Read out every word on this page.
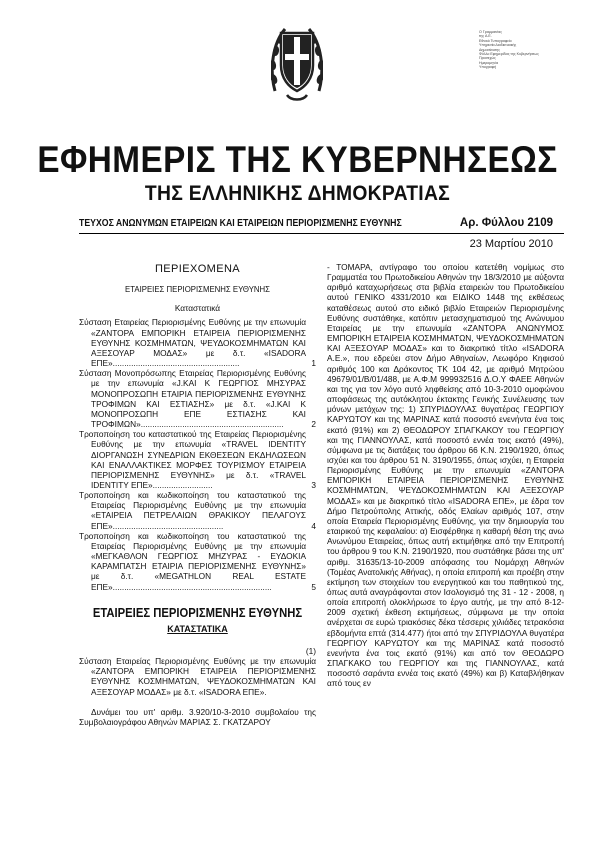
Ο Γραμματέας
της Α.Ε.
Εθνικό Τυπογραφείο
Υπηρεσία Διαδικτυακής
Δημοσίευσης
Φύλλο Εφημερίδας της Κυβερνήσεως
Προσεχώς
Ημερομηνία
Υπογραφή
ΕΦΗΜΕΡΙΣ ΤΗΣ ΚΥΒΕΡΝΗΣΕΩΣ
ΤΗΣ ΕΛΛΗΝΙΚΗΣ ΔΗΜΟΚΡΑΤΙΑΣ
ΤΕΥΧΟΣ ΑΝΩΝΥΜΩΝ ΕΤΑΙΡΕΙΩΝ ΚΑΙ ΕΤΑΙΡΕΙΩΝ ΠΕΡΙΟΡΙΣΜΕΝΗΣ ΕΥΘΥΝΗΣ	Αρ. Φύλλου 2109
23 Μαρτίου 2010
ΠΕΡΙΕΧΟΜΕΝΑ
ΕΤΑΙΡΕΙΕΣ ΠΕΡΙΟΡΙΣΜΕΝΗΣ ΕΥΘΥΝΗΣ
Καταστατικά

Σύσταση Εταιρείας Περιορισμένης Ευθύνης με την επωνυμία «ΖΑΝΤΟΡΑ ΕΜΠΟΡΙΚΗ ΕΤΑΙΡΕΙΑ ΠΕΡΙΟΡΙΣΜΕΝΗΣ ΕΥΘΥΝΗΣ ΚΟΣΜΗΜΑΤΩΝ, ΨΕΥΔΟΚΟΣΜΗΜΑΤΩΝ ΚΑΙ ΑΞΕΣΟΥΑΡ ΜΟΔΑΣ» με δ.τ. «ISADORA ΕΠΕ».......................................................	1

Σύσταση Μονοπρόσωπης Εταιρείας Περιορισμένης Ευθύνης με την επωνυμία «J.KAI K ΓΕΩΡΓΙΟΣ ΜΗΣΥΡΑΣ ΜΟΝΟΠΡΟΣΩΠΗ ΕΤΑΙΡΙΑ ΠΕΡΙΟΡΙΣΜΕΝΗΣ ΕΥΘΥΝΗΣ ΤΡΟΦΙΜΩΝ ΚΑΙ ΕΣΤΙΑΣΗΣ» με δ.τ. «J.KAI K ΜΟΝΟΠΡΟΣΩΠΗ ΕΠΕ ΕΣΤΙΑΣΗΣ ΚΑΙ ΤΡΟΦΙΜΩΝ»..............................................................	2

Τροποποίηση του καταστατικού της Εταιρείας Περιορισμένης Ευθύνης με την επωνυμία «TRAVEL IDENTITY ΔΙΟΡΓΑΝΩΣΗ ΣΥΝΕΔΡΙΩΝ ΕΚΘΕΣΕΩΝ ΕΚΔΗΛΩΣΕΩΝ ΚΑΙ ΕΝΑΛΛΑΚΤΙΚΕΣ ΜΟΡΦΕΣ ΤΟΥΡΙΣΜΟΥ ΕΤΑΙΡΕΙΑ ΠΕΡΙΟΡΙΣΜΕΝΗΣ ΕΥΘΥΝΗΣ» με δ.τ. «TRAVEL IDENTITY ΕΠΕ»..........................	3

Τροποποίηση και κωδικοποίηση του καταστατικού της Εταιρείας Περιορισμένης Ευθύνης με την επωνυμία «ΕΤΑΙΡΕΙΑ ΠΕΤΡΕΛΑΙΩΝ ΘΡΑΚΙΚΟΥ ΠΕΛΑΓΟΥΣ ΕΠΕ»................................................	4

Τροποποίηση και κωδικοποίηση του καταστατικού της Εταιρείας Περιορισμένης Ευθύνης με την επωνυμία «ΜΕΓΚΑΘΛΟΝ ΓΕΩΡΓΙΟΣ ΜΗΖΥΡΑΣ - ΕΥΔΟΚΙΑ ΚΑΡΑΜΠΑΤΣΗ ΕΤΑΙΡΙΑ ΠΕΡΙΟΡΙΣΜΕΝΗΣ ΕΥΘΥΝΗΣ» με δ.τ. «MEGATHLON REAL ESTATE ΕΠΕ».....................................................................	5

ΕΤΑΙΡΕΙΕΣ ΠΕΡΙΟΡΙΣΜΕΝΗΣ ΕΥΘΥΝΗΣ
ΚΑΤΑΣΤΑΤΙΚΑ

(1)

Σύσταση Εταιρείας Περιορισμένης Ευθύνης με την επωνυμία «ΖΑΝΤΟΡΑ ΕΜΠΟΡΙΚΗ ΕΤΑΙΡΕΙΑ ΠΕΡΙΟΡΙΣΜΕΝΗΣ ΕΥΘΥΝΗΣ ΚΟΣΜΗΜΑΤΩΝ, ΨΕΥΔΟΚΟΣΜΗΜΑΤΩΝ ΚΑΙ ΑΞΕΣΟΥΑΡ ΜΟΔΑΣ» με δ.τ. «ISADORA ΕΠΕ».

Δυνάμει του υπ' αριθμ. 3.920/10-3-2010 συμβολαίου της Συμβολαιογράφου Αθηνών ΜΑΡΙΑΣ Σ. ΓΚΑΤΖΑΡΟΥ

- ΤΟΜΑΡΑ, αντίγραφο του οποίου κατετέθη νομίμως στο Γραμματέα του Πρωτοδικείου Αθηνών την 18/3/2010 με αύξοντα αριθμό καταχωρήσεως στα βιβλία εταιρειών του Πρωτοδικείου αυτού ΓΕΝΙΚΟ 4331/2010 και ΕΙΔΙΚΟ 1448 της εκθέσεως καταθέσεως αυτού στο ειδικό βιβλίο Εταιρειών Περιορισμένης Ευθύνης συστάθηκε, κατόπιν μετασχηματισμού της Ανώνυμου Εταιρείας με την επωνυμία «ΖΑΝΤΟΡΑ ΑΝΩΝΥΜΟΣ ΕΜΠΟΡΙΚΗ ΕΤΑΙΡΕΙΑ ΚΟΣΜΗΜΑΤΩΝ, ΨΕΥΔΟΚΟΣΜΗΜΑΤΩΝ ΚΑΙ ΑΞΕΣΟΥΑΡ ΜΟΔΑΣ» και το διακριτικό τίτλο «ISADORA Α.Ε.», που εδρεύει στον Δήμο Αθηναίων, Λεωφόρο Κηφισού αριθμός 100 και Δράκοντος ΤΚ 104 42, με αριθμό Μητρώου 49679/01/Β/01/488, με Α.Φ.Μ 999932516 Δ.Ο.Υ ΦΑΕΕ Αθηνών και της για τον λόγο αυτό ληφθείσης από 10-3-2010 ομοφώνου αποφάσεως της αυτόκλητου έκτακτης Γενικής Συνέλευσης των μόνων μετόχων της: 1) ΣΠΥΡΙΔΟΥΛΑΣ θυγατέρας ΓΕΩΡΓΙΟΥ ΚΑΡΥΩΤΟΥ και της ΜΑΡΙΝΑΣ κατά ποσοστό ενενήντα ένα τοις εκατό (91%) και 2) ΘΕΟΔΩΡΟΥ ΣΠΑΓΚΑΚΟΥ του ΓΕΩΡΓΙΟΥ και της ΓΙΑΝΝΟΥΛΑΣ, κατά ποσοστό εννέα τοις εκατό (49%), σύμφωνα με τις διατάξεις του άρθρου 66 Κ.Ν. 2190/1920, όπως ισχύει και του άρθρου 51 Ν. 3190/1955, όπως ισχύει, η Εταιρεία Περιορισμένης Ευθύνης με την επωνυμία «ΖΑΝΤΟΡΑ ΕΜΠΟΡΙΚΗ ΕΤΑΙΡΕΙΑ ΠΕΡΙΟΡΙΣΜΕΝΗΣ ΕΥΘΥΝΗΣ ΚΟΣΜΗΜΑΤΩΝ, ΨΕΥΔΟΚΟΣΜΗΜΑΤΩΝ ΚΑΙ ΑΞΕΣΟΥΑΡ ΜΟΔΑΣ» και με διακριτικό τίτλο «ISADORA ΕΠΕ», με έδρα τον Δήμο Πετρούπολης Αττικής, οδός Ελαίων αριθμός 107, στην οποία Εταιρεία Περιορισμένης Ευθύνης, για την δημιουργία του εταιρικού της κεφαλαίου: α) Εισφέρθηκε η καθαρή θέση της ανω Ανωνύμου Εταιρείας, όπως αυτή εκτιμήθηκε από την Επιτροπή του άρθρου 9 του Κ.Ν. 2190/1920, που συστάθηκε βάσει της υπ' αριθμ. 31635/13-10-2009 απόφασης του Νομάρχη Αθηνών (Τομέας Ανατολικής Αθήνας), η οποία επιτροπή και προέβη στην εκτίμηση των στοιχείων του ενεργητικού και του παθητικού της, όπως αυτά αναγράφονται στον Ισολογισμό της 31 - 12 - 2008, η οποία επιτροπή ολοκλήρωσε το έργο αυτής, με την από 8-12-2009 σχετική έκθεση εκτιμήσεως, σύμφωνα με την οποία ανέρχεται σε ευρώ τριακόσιες δέκα τέσσερις χιλιάδες τετρακόσια εβδομήντα επτά (314.477) ήτοι από την ΣΠΥΡΙΔΟΥΛΑ θυγατέρα ΓΕΩΡΓΙΟΥ ΚΑΡΥΩΤΟΥ και της ΜΑΡΙΝΑΣ κατά ποσοστό ενενήντα ένα τοις εκατό (91%) και από τον ΘΕΟΔΩΡΟ ΣΠΑΓΚΑΚΟ του ΓΕΩΡΓΙΟΥ και της ΓΙΑΝΝΟΥΛΑΣ, κατά ποσοστό σαράντα εννέα τοις εκατό (49%) και β) Καταβλήθηκαν από τους εν
